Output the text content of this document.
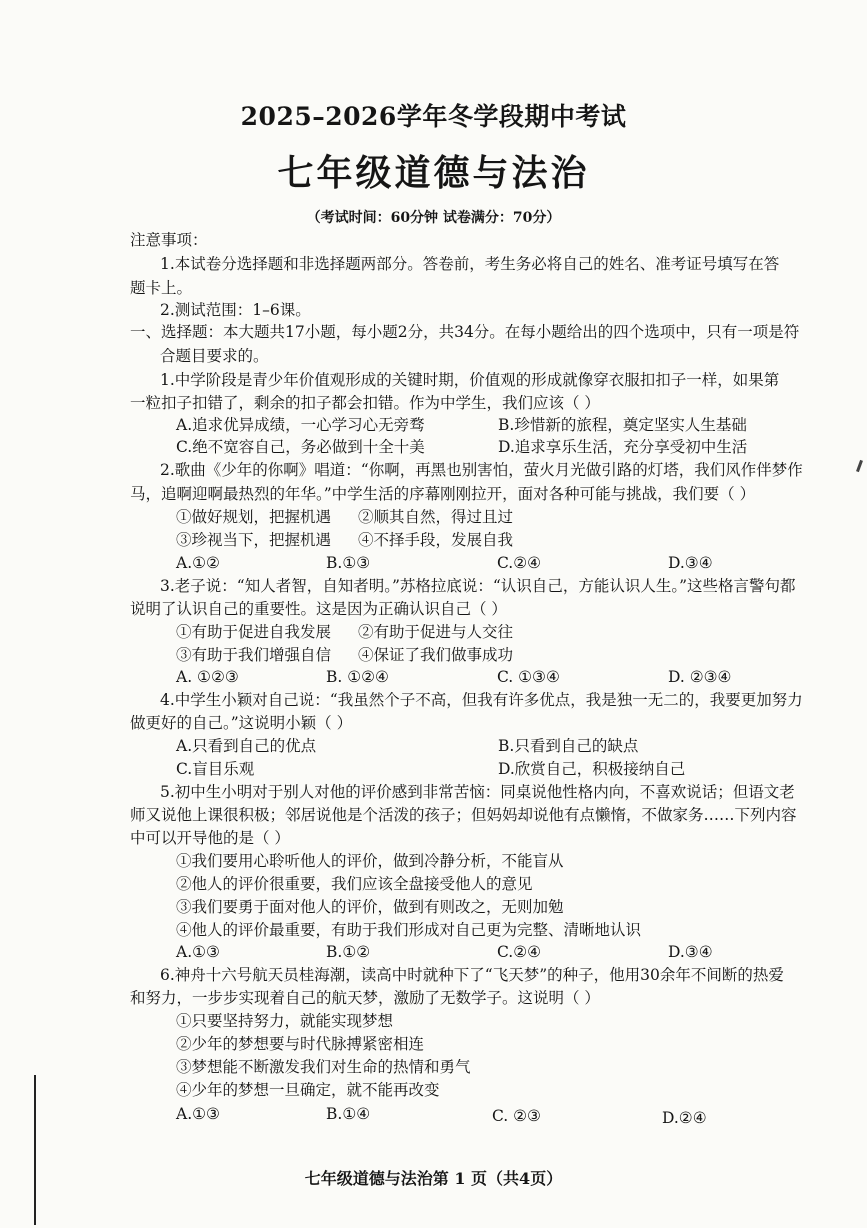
2025–2026学年冬学段期中考试
七年级道德与法治
（考试时间：60分钟 试卷满分：70分）
注意事项：
1.本试卷分选择题和非选择题两部分。答卷前，考生务必将自己的姓名、准考证号填写在答
题卡上。
2.测试范围：1–6课。
一、选择题：本大题共17小题，每小题2分，共34分。在每小题给出的四个选项中，只有一项是符
合题目要求的。
1.中学阶段是青少年价值观形成的关键时期，价值观的形成就像穿衣服扣扣子一样，如果第
一粒扣子扣错了，剩余的扣子都会扣错。作为中学生，我们应该（ ）
A.追求优异成绩，一心学习心无旁骛	B.珍惜新的旅程，奠定坚实人生基础
C.绝不宽容自己，务必做到十全十美	D.追求享乐生活，充分享受初中生活
2.歌曲《少年的你啊》唱道：“你啊，再黑也别害怕，萤火月光做引路的灯塔，我们风作伴梦作
马，追啊迎啊最热烈的年华。”中学生活的序幕刚刚拉开，面对各种可能与挑战，我们要（ ）
①做好规划，把握机遇 ②顺其自然，得过且过
③珍视当下，把握机遇 ④不择手段，发展自我
A.①②	B.①③	C.②④	D.③④
3.老子说：“知人者智，自知者明。”苏格拉底说：“认识自己，方能认识人生。”这些格言警句都
说明了认识自己的重要性。这是因为正确认识自己（ ）
①有助于促进自我发展 ②有助于促进与人交往
③有助于我们增强自信 ④保证了我们做事成功
A. ①②③	B. ①②④	C. ①③④	D. ②③④
4.中学生小颖对自己说：“我虽然个子不高，但我有许多优点，我是独一无二的，我要更加努力
做更好的自己。”这说明小颖（ ）
A.只看到自己的优点	B.只看到自己的缺点
C.盲目乐观	D.欣赏自己，积极接纳自己
5.初中生小明对于别人对他的评价感到非常苦恼：同桌说他性格内向，不喜欢说话；但语文老
师又说他上课很积极；邻居说他是个活泼的孩子；但妈妈却说他有点懒惰，不做家务……下列内容
中可以开导他的是（ ）
①我们要用心聆听他人的评价，做到冷静分析，不能盲从
②他人的评价很重要，我们应该全盘接受他人的意见
③我们要勇于面对他人的评价，做到有则改之，无则加勉
④他人的评价最重要，有助于我们形成对自己更为完整、清晰地认识
A.①③	B.①②	C.②④	D.③④
6.神舟十六号航天员桂海潮，读高中时就种下了“飞天梦”的种子，他用30余年不间断的热爱
和努力，一步步实现着自己的航天梦，激励了无数学子。这说明（ ）
①只要坚持努力，就能实现梦想
②少年的梦想要与时代脉搏紧密相连
③梦想能不断激发我们对生命的热情和勇气
④少年的梦想一旦确定，就不能再改变
A.①③	B.①④	C. ②③	D.②④
七年级道德与法治第 1 页（共4页）
